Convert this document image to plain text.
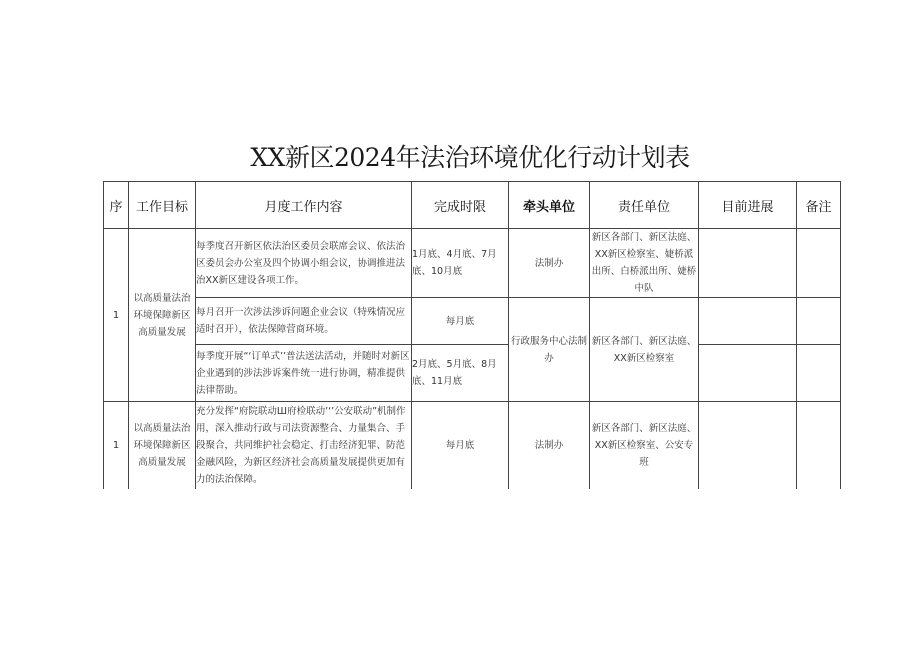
XX新区2024年法治环境优化行动计划表
序	工作目标	月度工作内容	完成时限	牵头单位	责任单位	目前进展	备注
1	以高质量法治环境保障新区高质量发展	每季度召开新区依法治区委员会联席会议、依法治区委员会办公室及四个协调小组会议，协调推进法治XX新区建设各项工作。	1月底、4月底、7月底、10月底	法制办	新区各部门、新区法庭、XX新区检察室、婕桥派出所、白桥派出所、婕桥中队		
		每月召开一次涉法涉诉问题企业会议（特殊情况应适时召开），依法保障营商环境。	每月底	行政服务中心法制办	新区各部门、新区法庭、XX新区检察室		
		每季度开展“‘订单式’’普法送法活动，并随时对新区企业遇到的涉法涉诉案件统一进行协调，精准提供法律帮助。	2月底、5月底、8月底、11月底				
1	以高质量法治环境保障新区高质量发展	充分发挥“府院联动Ш府检联动’‘’公安联动”机制作用，深入推动行政与司法资源整合、力量集合、手段聚合，共同维护社会稳定、打击经济犯罪、防范金融风险，为新区经济社会高质量发展提供更加有力的法治保障。	每月底	法制办	新区各部门、新区法庭、XX新区检察室、公安专班		
